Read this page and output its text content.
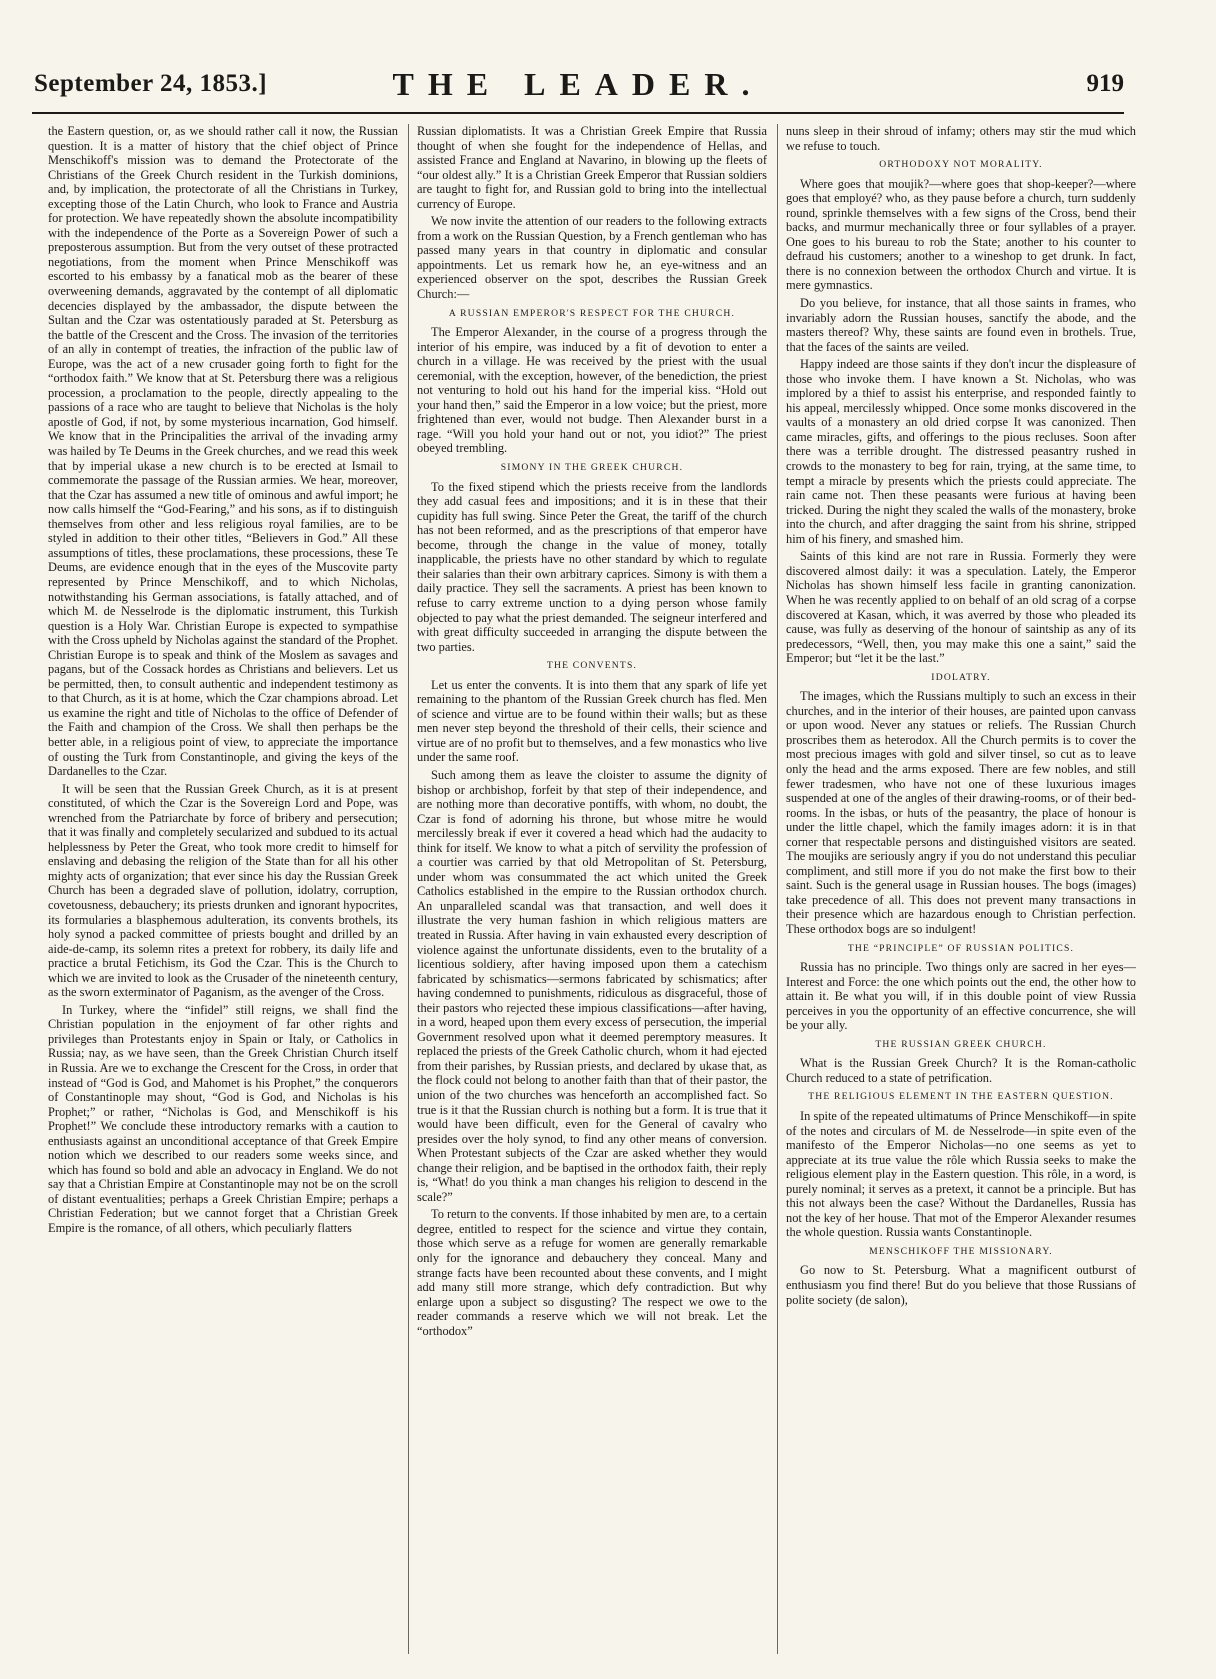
September 24, 1853.]	THE LEADER.	919

the Eastern question, or, as we should rather call it now, the Russian question. It is a matter of history that the chief object of Prince Menschikoff's mission was to demand the Protectorate of the Christians of the Greek Church resident in the Turkish dominions, and, by implication, the protectorate of all the Christians in Turkey, excepting those of the Latin Church, who look to France and Austria for protection. We have repeatedly shown the absolute incompatibility with the independence of the Porte as a Sovereign Power of such a preposterous assumption. But from the very outset of these protracted negotiations, from the moment when Prince Menschikoff was escorted to his embassy by a fanatical mob as the bearer of these overweening demands, aggravated by the contempt of all diplomatic decencies displayed by the ambassador, the dispute between the Sultan and the Czar was ostentatiously paraded at St. Petersburg as the battle of the Crescent and the Cross. The invasion of the territories of an ally in contempt of treaties, the infraction of the public law of Europe, was the act of a new crusader going forth to fight for the “orthodox faith.” We know that at St. Petersburg there was a religious procession, a proclamation to the people, directly appealing to the passions of a race who are taught to believe that Nicholas is the holy apostle of God, if not, by some mysterious incarnation, God himself. We know that in the Principalities the arrival of the invading army was hailed by Te Deums in the Greek churches, and we read this week that by imperial ukase a new church is to be erected at Ismail to commemorate the passage of the Russian armies. We hear, moreover, that the Czar has assumed a new title of ominous and awful import; he now calls himself the “God-Fearing,” and his sons, as if to distinguish themselves from other and less religious royal families, are to be styled in addition to their other titles, “Believers in God.” All these assumptions of titles, these proclamations, these processions, these Te Deums, are evidence enough that in the eyes of the Muscovite party represented by Prince Menschikoff, and to which Nicholas, notwithstanding his German associations, is fatally attached, and of which M. de Nesselrode is the diplomatic instrument, this Turkish question is a Holy War. Christian Europe is expected to sympathise with the Cross upheld by Nicholas against the standard of the Prophet. Christian Europe is to speak and think of the Moslem as savages and pagans, but of the Cossack hordes as Christians and believers. Let us be permitted, then, to consult authentic and independent testimony as to that Church, as it is at home, which the Czar champions abroad. Let us examine the right and title of Nicholas to the office of Defender of the Faith and champion of the Cross. We shall then perhaps be the better able, in a religious point of view, to appreciate the importance of ousting the Turk from Constantinople, and giving the keys of the Dardanelles to the Czar.

It will be seen that the Russian Greek Church, as it is at present constituted, of which the Czar is the Sovereign Lord and Pope, was wrenched from the Patriarchate by force of bribery and persecution; that it was finally and completely secularized and subdued to its actual helplessness by Peter the Great, who took more credit to himself for enslaving and debasing the religion of the State than for all his other mighty acts of organization; that ever since his day the Russian Greek Church has been a degraded slave of pollution, idolatry, corruption, covetousness, debauchery; its priests drunken and ignorant hypocrites, its formularies a blasphemous adulteration, its convents brothels, its holy synod a packed committee of priests bought and drilled by an aide-de-camp, its solemn rites a pretext for robbery, its daily life and practice a brutal Fetichism, its God the Czar. This is the Church to which we are invited to look as the Crusader of the nineteenth century, as the sworn exterminator of Paganism, as the avenger of the Cross.

In Turkey, where the “infidel” still reigns, we shall find the Christian population in the enjoyment of far other rights and privileges than Protestants enjoy in Spain or Italy, or Catholics in Russia; nay, as we have seen, than the Greek Christian Church itself in Russia. Are we to exchange the Crescent for the Cross, in order that instead of “God is God, and Mahomet is his Prophet,” the conquerors of Constantinople may shout, “God is God, and Nicholas is his Prophet;” or rather, “Nicholas is God, and Menschikoff is his Prophet!” We conclude these introductory remarks with a caution to enthusiasts against an unconditional acceptance of that Greek Empire notion which we described to our readers some weeks since, and which has found so bold and able an advocacy in England. We do not say that a Christian Empire at Constantinople may not be on the scroll of distant eventualities; perhaps a Greek Christian Empire; perhaps a Christian Federation; but we cannot forget that a Christian Greek Empire is the romance, of all others, which peculiarly flatters

Russian diplomatists. It was a Christian Greek Empire that Russia thought of when she fought for the independence of Hellas, and assisted France and England at Navarino, in blowing up the fleets of “our oldest ally.” It is a Christian Greek Emperor that Russian soldiers are taught to fight for, and Russian gold to bring into the intellectual currency of Europe.

We now invite the attention of our readers to the following extracts from a work on the Russian Question, by a French gentleman who has passed many years in that country in diplomatic and consular appointments. Let us remark how he, an eye-witness and an experienced observer on the spot, describes the Russian Greek Church:—

A RUSSIAN EMPEROR'S RESPECT FOR THE CHURCH.

The Emperor Alexander, in the course of a progress through the interior of his empire, was induced by a fit of devotion to enter a church in a village. He was received by the priest with the usual ceremonial, with the exception, however, of the benediction, the priest not venturing to hold out his hand for the imperial kiss. “Hold out your hand then,” said the Emperor in a low voice; but the priest, more frightened than ever, would not budge. Then Alexander burst in a rage. “Will you hold your hand out or not, you idiot?” The priest obeyed trembling.

SIMONY IN THE GREEK CHURCH.

To the fixed stipend which the priests receive from the landlords they add casual fees and impositions; and it is in these that their cupidity has full swing. Since Peter the Great, the tariff of the church has not been reformed, and as the prescriptions of that emperor have become, through the change in the value of money, totally inapplicable, the priests have no other standard by which to regulate their salaries than their own arbitrary caprices. Simony is with them a daily practice. They sell the sacraments. A priest has been known to refuse to carry extreme unction to a dying person whose family objected to pay what the priest demanded. The seigneur interfered and with great difficulty succeeded in arranging the dispute between the two parties.

THE CONVENTS.

Let us enter the convents. It is into them that any spark of life yet remaining to the phantom of the Russian Greek church has fled. Men of science and virtue are to be found within their walls; but as these men never step beyond the threshold of their cells, their science and virtue are of no profit but to themselves, and a few monastics who live under the same roof.

Such among them as leave the cloister to assume the dignity of bishop or archbishop, forfeit by that step of their independence, and are nothing more than decorative pontiffs, with whom, no doubt, the Czar is fond of adorning his throne, but whose mitre he would mercilessly break if ever it covered a head which had the audacity to think for itself. We know to what a pitch of servility the profession of a courtier was carried by that old Metropolitan of St. Petersburg, under whom was consummated the act which united the Greek Catholics established in the empire to the Russian orthodox church. An unparalleled scandal was that transaction, and well does it illustrate the very human fashion in which religious matters are treated in Russia. After having in vain exhausted every description of violence against the unfortunate dissidents, even to the brutality of a licentious soldiery, after having imposed upon them a catechism fabricated by schismatics—sermons fabricated by schismatics; after having condemned to punishments, ridiculous as disgraceful, those of their pastors who rejected these impious classifications—after having, in a word, heaped upon them every excess of persecution, the imperial Government resolved upon what it deemed peremptory measures. It replaced the priests of the Greek Catholic church, whom it had ejected from their parishes, by Russian priests, and declared by ukase that, as the flock could not belong to another faith than that of their pastor, the union of the two churches was henceforth an accomplished fact. So true is it that the Russian church is nothing but a form. It is true that it would have been difficult, even for the General of cavalry who presides over the holy synod, to find any other means of conversion. When Protestant subjects of the Czar are asked whether they would change their religion, and be baptised in the orthodox faith, their reply is, “What! do you think a man changes his religion to descend in the scale?”

To return to the convents. If those inhabited by men are, to a certain degree, entitled to respect for the science and virtue they contain, those which serve as a refuge for women are generally remarkable only for the ignorance and debauchery they conceal. Many and strange facts have been recounted about these convents, and I might add many still more strange, which defy contradiction. But why enlarge upon a subject so disgusting? The respect we owe to the reader commands a reserve which we will not break. Let the “orthodox”

nuns sleep in their shroud of infamy; others may stir the mud which we refuse to touch.

ORTHODOXY NOT MORALITY.

Where goes that moujik?—where goes that shop-keeper?—where goes that employé? who, as they pause before a church, turn suddenly round, sprinkle themselves with a few signs of the Cross, bend their backs, and murmur mechanically three or four syllables of a prayer. One goes to his bureau to rob the State; another to his counter to defraud his customers; another to a wineshop to get drunk. In fact, there is no connexion between the orthodox Church and virtue. It is mere gymnastics.

Do you believe, for instance, that all those saints in frames, who invariably adorn the Russian houses, sanctify the abode, and the masters thereof? Why, these saints are found even in brothels. True, that the faces of the saints are veiled.

Happy indeed are those saints if they don't incur the displeasure of those who invoke them. I have known a St. Nicholas, who was implored by a thief to assist his enterprise, and responded faintly to his appeal, mercilessly whipped. Once some monks discovered in the vaults of a monastery an old dried corpse It was canonized. Then came miracles, gifts, and offerings to the pious recluses. Soon after there was a terrible drought. The distressed peasantry rushed in crowds to the monastery to beg for rain, trying, at the same time, to tempt a miracle by presents which the priests could appreciate. The rain came not. Then these peasants were furious at having been tricked. During the night they scaled the walls of the monastery, broke into the church, and after dragging the saint from his shrine, stripped him of his finery, and smashed him.

Saints of this kind are not rare in Russia. Formerly they were discovered almost daily: it was a speculation. Lately, the Emperor Nicholas has shown himself less facile in granting canonization. When he was recently applied to on behalf of an old scrag of a corpse discovered at Kasan, which, it was averred by those who pleaded its cause, was fully as deserving of the honour of saintship as any of its predecessors, “Well, then, you may make this one a saint,” said the Emperor; but “let it be the last.”

IDOLATRY.

The images, which the Russians multiply to such an excess in their churches, and in the interior of their houses, are painted upon canvass or upon wood. Never any statues or reliefs. The Russian Church proscribes them as heterodox. All the Church permits is to cover the most precious images with gold and silver tinsel, so cut as to leave only the head and the arms exposed. There are few nobles, and still fewer tradesmen, who have not one of these luxurious images suspended at one of the angles of their drawing-rooms, or of their bed-rooms. In the isbas, or huts of the peasantry, the place of honour is under the little chapel, which the family images adorn: it is in that corner that respectable persons and distinguished visitors are seated. The moujiks are seriously angry if you do not understand this peculiar compliment, and still more if you do not make the first bow to their saint. Such is the general usage in Russian houses. The bogs (images) take precedence of all. This does not prevent many transactions in their presence which are hazardous enough to Christian perfection. These orthodox bogs are so indulgent!

THE “PRINCIPLE” OF RUSSIAN POLITICS.

Russia has no principle. Two things only are sacred in her eyes—Interest and Force: the one which points out the end, the other how to attain it. Be what you will, if in this double point of view Russia perceives in you the opportunity of an effective concurrence, she will be your ally.

THE RUSSIAN GREEK CHURCH.

What is the Russian Greek Church? It is the Roman-catholic Church reduced to a state of petrification.

THE RELIGIOUS ELEMENT IN THE EASTERN QUESTION.

In spite of the repeated ultimatums of Prince Menschikoff—in spite of the notes and circulars of M. de Nesselrode—in spite even of the manifesto of the Emperor Nicholas—no one seems as yet to appreciate at its true value the rôle which Russia seeks to make the religious element play in the Eastern question. This rôle, in a word, is purely nominal; it serves as a pretext, it cannot be a principle. But has this not always been the case? Without the Dardanelles, Russia has not the key of her house. That mot of the Emperor Alexander resumes the whole question. Russia wants Constantinople.

MENSCHIKOFF THE MISSIONARY.

Go now to St. Petersburg. What a magnificent outburst of enthusiasm you find there! But do you believe that those Russians of polite society (de salon),
